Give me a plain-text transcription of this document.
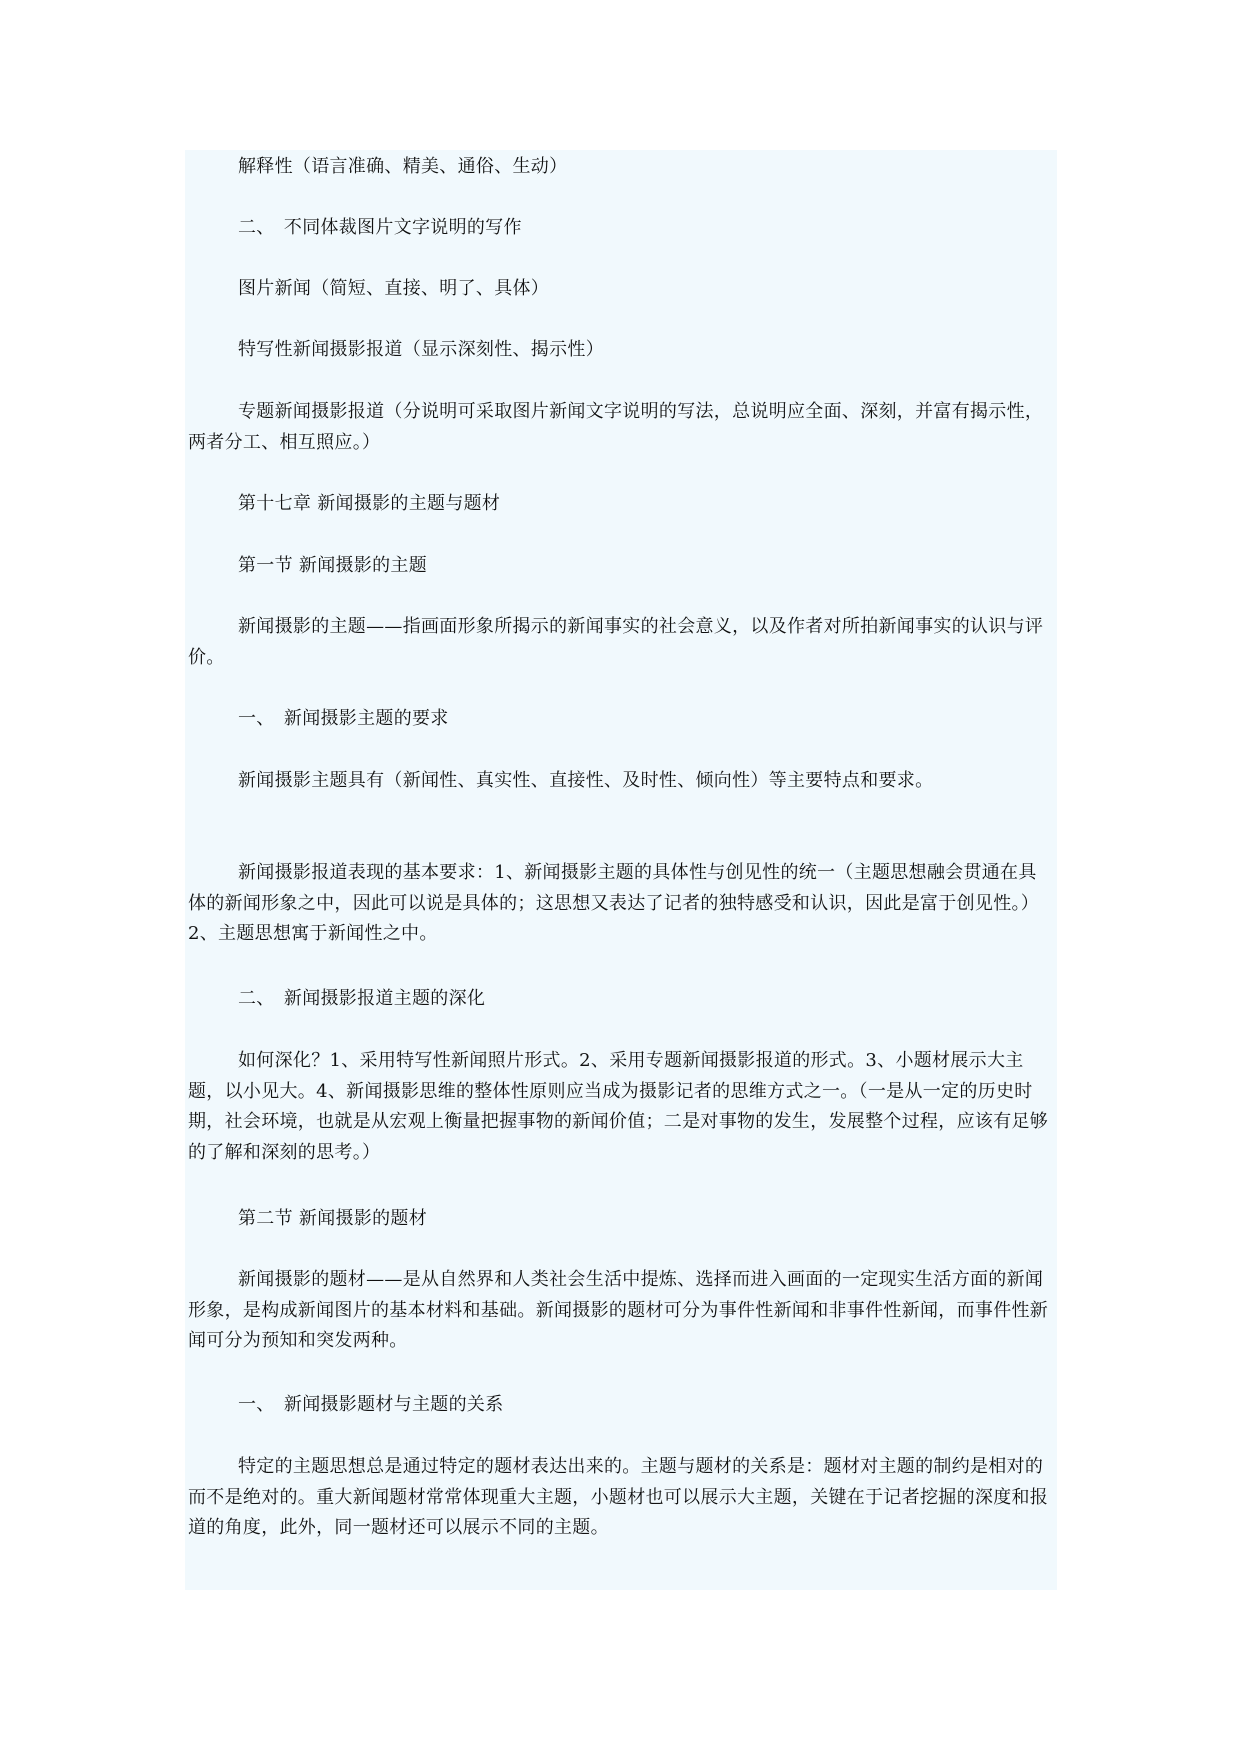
解释性（语言准确、精美、通俗、生动）

二、　不同体裁图片文字说明的写作

图片新闻（简短、直接、明了、具体）

特写性新闻摄影报道（显示深刻性、揭示性）

专题新闻摄影报道（分说明可采取图片新闻文字说明的写法，总说明应全面、深刻，并富有揭示性，两者分工、相互照应。）

第十七章 新闻摄影的主题与题材

第一节 新闻摄影的主题

新闻摄影的主题——指画面形象所揭示的新闻事实的社会意义，以及作者对所拍新闻事实的认识与评价。

一、　新闻摄影主题的要求

新闻摄影主题具有（新闻性、真实性、直接性、及时性、倾向性）等主要特点和要求。

新闻摄影报道表现的基本要求：1、新闻摄影主题的具体性与创见性的统一（主题思想融会贯通在具体的新闻形象之中，因此可以说是具体的；这思想又表达了记者的独特感受和认识，因此是富于创见性。）2、主题思想寓于新闻性之中。

二、　新闻摄影报道主题的深化

如何深化？1、采用特写性新闻照片形式。2、采用专题新闻摄影报道的形式。3、小题材展示大主题，以小见大。4、新闻摄影思维的整体性原则应当成为摄影记者的思维方式之一。（一是从一定的历史时期，社会环境，也就是从宏观上衡量把握事物的新闻价值；二是对事物的发生，发展整个过程，应该有足够的了解和深刻的思考。）

第二节 新闻摄影的题材

新闻摄影的题材——是从自然界和人类社会生活中提炼、选择而进入画面的一定现实生活方面的新闻形象，是构成新闻图片的基本材料和基础。新闻摄影的题材可分为事件性新闻和非事件性新闻，而事件性新闻可分为预知和突发两种。

一、　新闻摄影题材与主题的关系

特定的主题思想总是通过特定的题材表达出来的。主题与题材的关系是：题材对主题的制约是相对的而不是绝对的。重大新闻题材常常体现重大主题，小题材也可以展示大主题，关键在于记者挖掘的深度和报道的角度，此外，同一题材还可以展示不同的主题。
